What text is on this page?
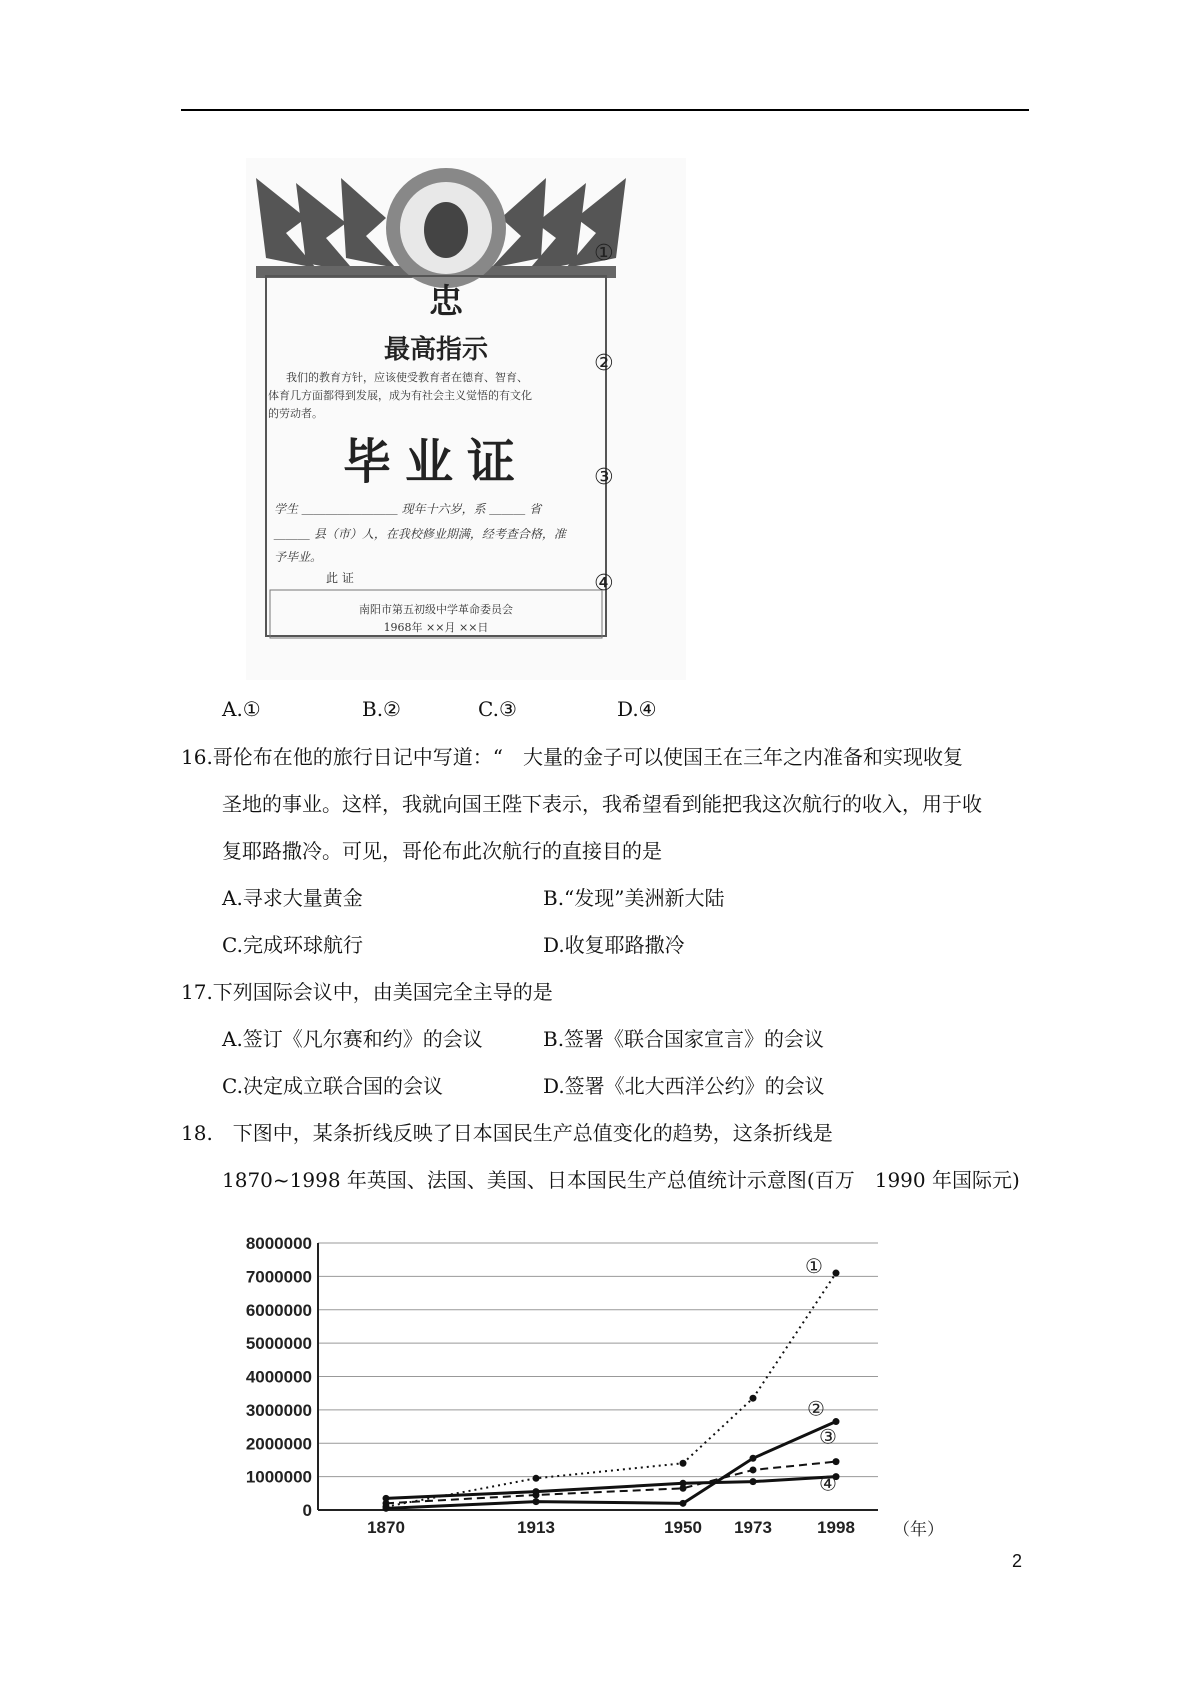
忠
最高指示
我们的教育方针，应该使受教育者在德育、智育、
体育几方面都得到发展，成为有社会主义觉悟的有文化
的劳动者。
毕业证
学生 ＿＿＿＿＿＿＿＿ 现年十六岁，系 ＿＿＿ 省
＿＿＿ 县（市）人，在我校修业期满，经考查合格，准
予毕业。
此 证
南阳市第五初级中学革命委员会
1968年 ××月 ××日
①
②
③
④
A.①	B.②	C.③	D.④
16.哥伦布在他的旅行日记中写道：“　大量的金子可以使国王在三年之内准备和实现收复
圣地的事业。这样，我就向国王陛下表示，我希望看到能把我这次航行的收入，用于收
复耶路撒冷。可见，哥伦布此次航行的直接目的是
A.寻求大量黄金	B.“发现”美洲新大陆
C.完成环球航行	D.收复耶路撒冷
17.下列国际会议中，由美国完全主导的是
A.签订《凡尔赛和约》的会议	B.签署《联合国家宣言》的会议
C.决定成立联合国的会议	D.签署《北大西洋公约》的会议
18.　下图中，某条折线反映了日本国民生产总值变化的趋势，这条折线是
1870~1998 年英国、法国、美国、日本国民生产总值统计示意图(百万　1990 年国际元)
0
1000000
2000000
3000000
4000000
5000000
6000000
7000000
8000000
1870	1913	1950 1973	1998 （年）
①
②
③
④
2
